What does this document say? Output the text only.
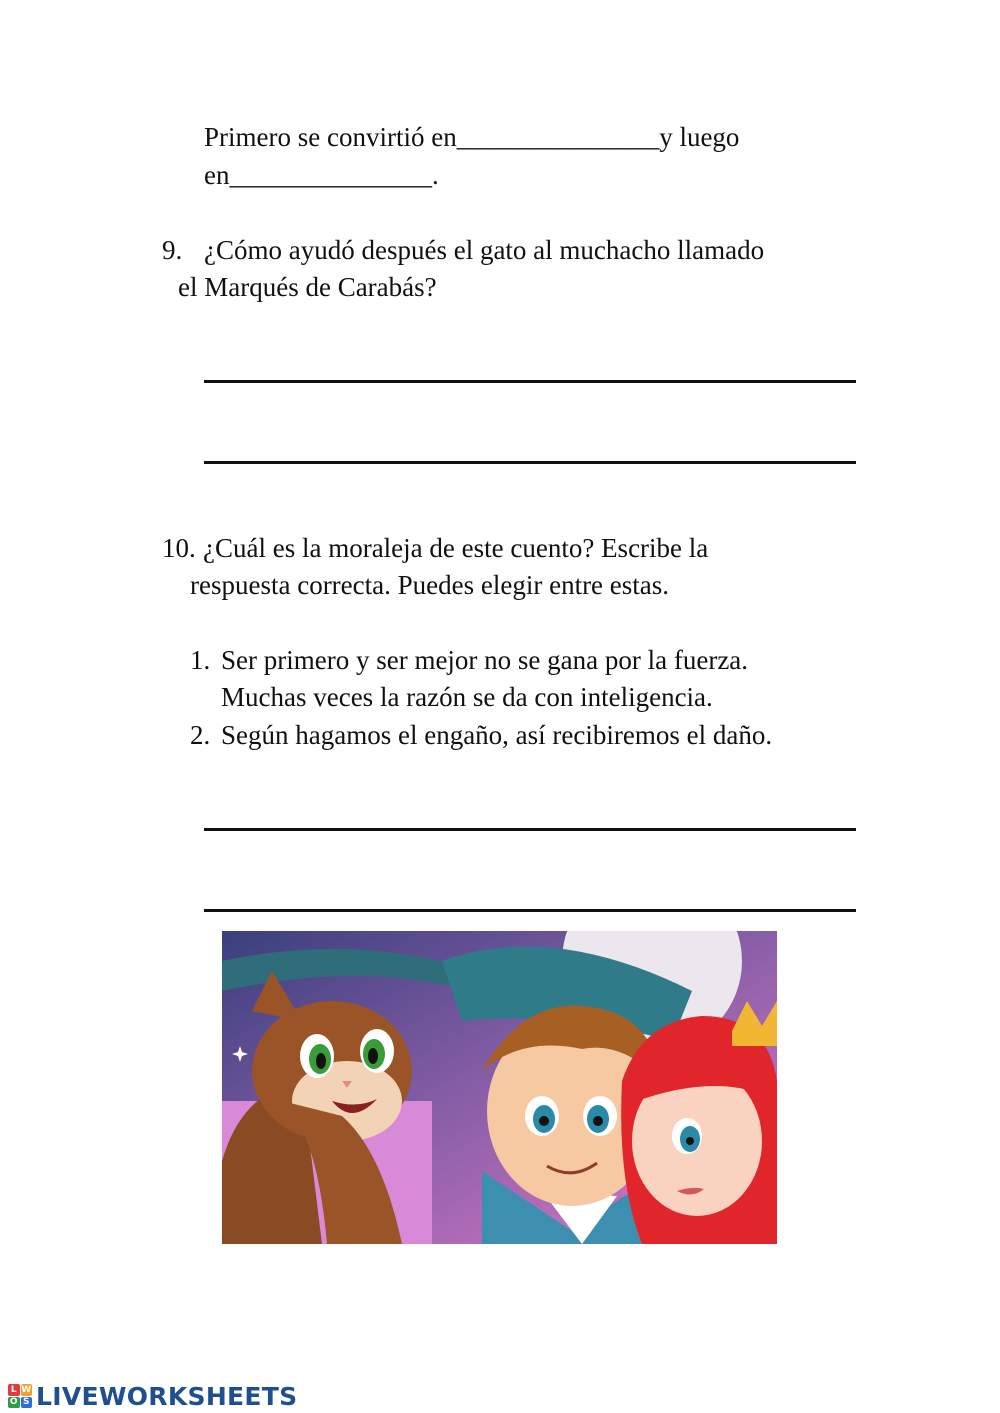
Primero se convirtió en_______________y luego
en_______________.
9. ¿Cómo ayudó después el gato al muchacho llamado
el Marqués de Carabás?
10. ¿Cuál es la moraleja de este cuento? Escribe la
respuesta correcta. Puedes elegir entre estas.
1. Ser primero y ser mejor no se gana por la fuerza.
Muchas veces la razón se da con inteligencia.
2. Según hagamos el engaño, así recibiremos el daño.
L W
O S LIVEWORKSHEETS
